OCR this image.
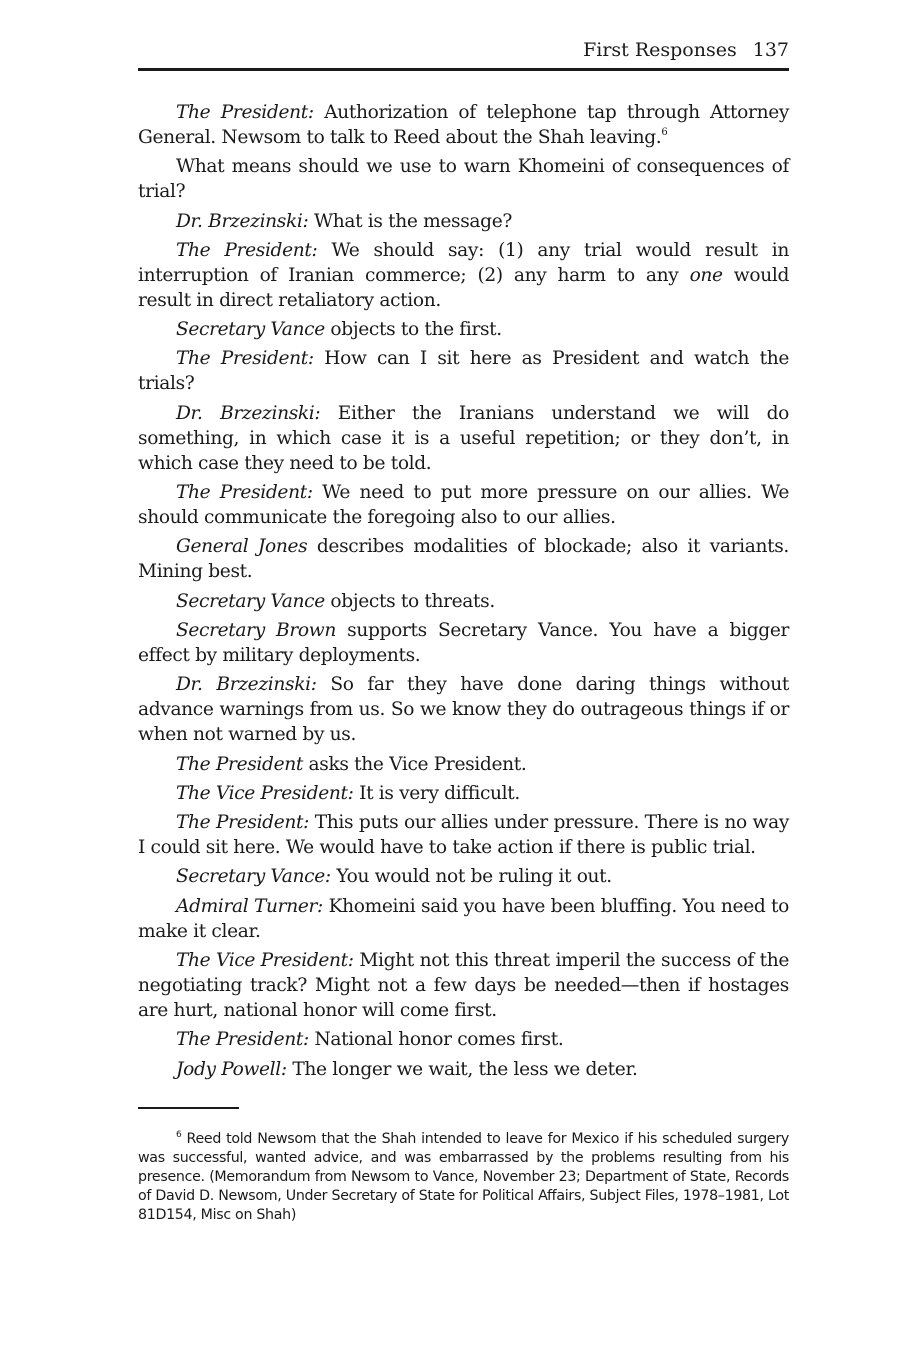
First Responses 137

The President: Authorization of telephone tap through Attorney General. Newsom to talk to Reed about the Shah leaving.$^6$

What means should we use to warn Khomeini of consequences of trial?

Dr. Brzezinski: What is the message?

The President: We should say: (1) any trial would result in interruption of Iranian commerce; (2) any harm to any one would result in direct retaliatory action.

Secretary Vance objects to the first.

The President: How can I sit here as President and watch the trials?

Dr. Brzezinski: Either the Iranians understand we will do something, in which case it is a useful repetition; or they don’t, in which case they need to be told.

The President: We need to put more pressure on our allies. We should communicate the foregoing also to our allies.

General Jones describes modalities of blockade; also it variants. Mining best.

Secretary Vance objects to threats.

Secretary Brown supports Secretary Vance. You have a bigger effect by military deployments.

Dr. Brzezinski: So far they have done daring things without advance warnings from us. So we know they do outrageous things if or when not warned by us.

The President asks the Vice President.

The Vice President: It is very difficult.

The President: This puts our allies under pressure. There is no way I could sit here. We would have to take action if there is public trial.

Secretary Vance: You would not be ruling it out.

Admiral Turner: Khomeini said you have been bluffing. You need to make it clear.

The Vice President: Might not this threat imperil the success of the negotiating track? Might not a few days be needed—then if hostages are hurt, national honor will come first.

The President: National honor comes first.

Jody Powell: The longer we wait, the less we deter.

$^6$ Reed told Newsom that the Shah intended to leave for Mexico if his scheduled surgery was successful, wanted advice, and was embarrassed by the problems resulting from his presence. (Memorandum from Newsom to Vance, November 23; Department of State, Records of David D. Newsom, Under Secretary of State for Political Affairs, Subject Files, 1978–1981, Lot 81D154, Misc on Shah)
